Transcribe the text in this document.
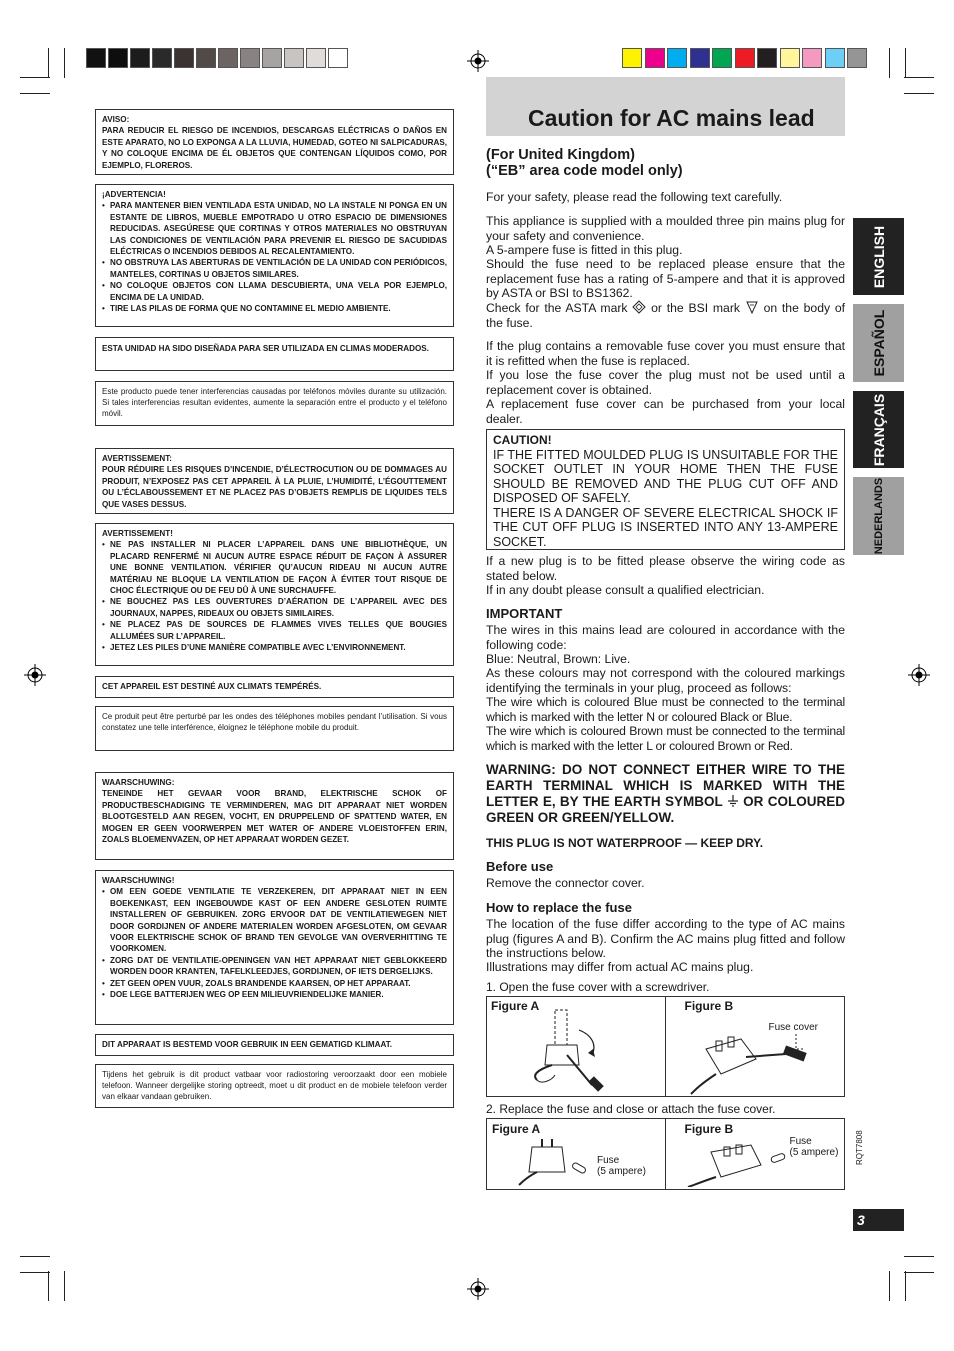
AVISO:
PARA REDUCIR EL RIESGO DE INCENDIOS, DESCARGAS ELÉCTRICAS O DAÑOS EN ESTE APARATO, NO LO EXPONGA A LA LLUVIA, HUMEDAD, GOTEO NI SALPICADURAS, Y NO COLOQUE ENCIMA DE ÉL OBJETOS QUE CONTENGAN LÍQUIDOS COMO, POR EJEMPLO, FLOREROS.
¡ADVERTENCIA!
• PARA MANTENER BIEN VENTILADA ESTA UNIDAD, NO LA INSTALE NI PONGA EN UN ESTANTE DE LIBROS, MUEBLE EMPOTRADO U OTRO ESPACIO DE DIMENSIONES REDUCIDAS. ASEGÚRESE QUE CORTINAS Y OTROS MATERIALES NO OBSTRUYAN LAS CONDICIONES DE VENTILACIÓN PARA PREVENIR EL RIESGO DE SACUDIDAS ELÉCTRICAS O INCENDIOS DEBIDOS AL RECALENTAMIENTO.
• NO OBSTRUYA LAS ABERTURAS DE VENTILACIÓN DE LA UNIDAD CON PERIÓDICOS, MANTELES, CORTINAS U OBJETOS SIMILARES.
• NO COLOQUE OBJETOS CON LLAMA DESCUBIERTA, UNA VELA POR EJEMPLO, ENCIMA DE LA UNIDAD.
• TIRE LAS PILAS DE FORMA QUE NO CONTAMINE EL MEDIO AMBIENTE.
ESTA UNIDAD HA SIDO DISEÑADA PARA SER UTILIZADA EN CLIMAS MODERADOS.
Este producto puede tener interferencias causadas por teléfonos móviles durante su utilización. Si tales interferencias resultan evidentes, aumente la separación entre el producto y el teléfono móvil.
AVERTISSEMENT:
POUR RÉDUIRE LES RISQUES D’INCENDIE, D’ÉLECTROCUTION OU DE DOMMAGES AU PRODUIT, N’EXPOSEZ PAS CET APPAREIL À LA PLUIE, L’HUMIDITÉ, L’ÉGOUTTEMENT OU L’ÉCLABOUSSEMENT ET NE PLACEZ PAS D’OBJETS REMPLIS DE LIQUIDES TELS QUE VASES DESSUS.
AVERTISSEMENT!
• NE PAS INSTALLER NI PLACER L’APPAREIL DANS UNE BIBLIOTHÈQUE, UN PLACARD RENFERMÉ NI AUCUN AUTRE ESPACE RÉDUIT DE FAÇON À ASSURER UNE BONNE VENTILATION. VÉRIFIER QU’AUCUN RIDEAU NI AUCUN AUTRE MATÉRIAU NE BLOQUE LA VENTILATION DE FAÇON À ÉVITER TOUT RISQUE DE CHOC ÉLECTRIQUE OU DE FEU DÛ À UNE SURCHAUFFE.
• NE BOUCHEZ PAS LES OUVERTURES D’AÉRATION DE L’APPAREIL AVEC DES JOURNAUX, NAPPES, RIDEAUX OU OBJETS SIMILAIRES.
• NE PLACEZ PAS DE SOURCES DE FLAMMES VIVES TELLES QUE BOUGIES ALLUMÉES SUR L’APPAREIL.
• JETEZ LES PILES D’UNE MANIÈRE COMPATIBLE AVEC L’ENVIRONNEMENT.
CET APPAREIL EST DESTINÉ AUX CLIMATS TEMPÉRÉS.
Ce produit peut être perturbé par les ondes des téléphones mobiles pendant l’utilisation. Si vous constatez une telle interférence, éloignez le téléphone mobile du produit.
WAARSCHUWING:
TENEINDE HET GEVAAR VOOR BRAND, ELEKTRISCHE SCHOK OF PRODUCTBESCHADIGING TE VERMINDEREN, MAG DIT APPARAAT NIET WORDEN BLOOTGESTELD AAN REGEN, VOCHT, EN DRUPPELEND OF SPATTEND WATER, EN MOGEN ER GEEN VOORWERPEN MET WATER OF ANDERE VLOEISTOFFEN ERIN, ZOALS BLOEMENVAZEN, OP HET APPARAAT WORDEN GEZET.
WAARSCHUWING!
• OM EEN GOEDE VENTILATIE TE VERZEKEREN, DIT APPARAAT NIET IN EEN BOEKENKAST, EEN INGEBOUWDE KAST OF EEN ANDERE GESLOTEN RUIMTE INSTALLEREN OF GEBRUIKEN. ZORG ERVOOR DAT DE VENTILATIEWEGEN NIET DOOR GORDIJNEN OF ANDERE MATERIALEN WORDEN AFGESLOTEN, OM GEVAAR VOOR ELEKTRISCHE SCHOK OF BRAND TEN GEVOLGE VAN OVERVERHITTING TE VOORKOMEN.
• ZORG DAT DE VENTILATIE-OPENINGEN VAN HET APPARAAT NIET GEBLOKKEERD WORDEN DOOR KRANTEN, TAFELKLEEDJES, GORDIJNEN, OF IETS DERGELIJKS.
• ZET GEEN OPEN VUUR, ZOALS BRANDENDE KAARSEN, OP HET APPARAAT.
• DOE LEGE BATTERIJEN WEG OP EEN MILIEUVRIENDELIJKE MANIER.
DIT APPARAAT IS BESTEMD VOOR GEBRUIK IN EEN GEMATIGD KLIMAAT.
Tijdens het gebruik is dit product vatbaar voor radiostoring veroorzaakt door een mobiele telefoon. Wanneer dergelijke storing optreedt, moet u dit product en de mobiele telefoon verder van elkaar vandaan gebruiken.
Caution for AC mains lead
(For United Kingdom)
(“EB” area code model only)
For your safety, please read the following text carefully.
This appliance is supplied with a moulded three pin mains plug for your safety and convenience.
A 5-ampere fuse is fitted in this plug.
Should the fuse need to be replaced please ensure that the replacement fuse has a rating of 5-ampere and that it is approved by ASTA or BSI to BS1362.
Check for the ASTA mark or the BSI mark on the body of the fuse.
If the plug contains a removable fuse cover you must ensure that it is refitted when the fuse is replaced.
If you lose the fuse cover the plug must not be used until a replacement cover is obtained.
A replacement fuse cover can be purchased from your local dealer.
CAUTION!
IF THE FITTED MOULDED PLUG IS UNSUITABLE FOR THE SOCKET OUTLET IN YOUR HOME THEN THE FUSE SHOULD BE REMOVED AND THE PLUG CUT OFF AND DISPOSED OF SAFELY.
THERE IS A DANGER OF SEVERE ELECTRICAL SHOCK IF THE CUT OFF PLUG IS INSERTED INTO ANY 13-AMPERE SOCKET.
If a new plug is to be fitted please observe the wiring code as stated below.
If in any doubt please consult a qualified electrician.
IMPORTANT
The wires in this mains lead are coloured in accordance with the following code:
Blue: Neutral, Brown: Live.
As these colours may not correspond with the coloured markings identifying the terminals in your plug, proceed as follows:
The wire which is coloured Blue must be connected to the terminal which is marked with the letter N or coloured Black or Blue.
The wire which is coloured Brown must be connected to the terminal which is marked with the letter L or coloured Brown or Red.
WARNING: DO NOT CONNECT EITHER WIRE TO THE EARTH TERMINAL WHICH IS MARKED WITH THE LETTER E, BY THE EARTH SYMBOL OR COLOURED GREEN OR GREEN/YELLOW.
THIS PLUG IS NOT WATERPROOF — KEEP DRY.
Before use
Remove the connector cover.
How to replace the fuse
The location of the fuse differ according to the type of AC mains plug (figures A and B). Confirm the AC mains plug fitted and follow the instructions below.
Illustrations may differ from actual AC mains plug.
1. Open the fuse cover with a screwdriver.
Figure A	Figure B
Fuse cover
2. Replace the fuse and close or attach the fuse cover.
Figure A
Fuse
(5 ampere)
Figure B
Fuse
(5 ampere)
ENGLISH
ESPAÑOL
FRANÇAIS
NEDERLANDS
RQT7808
3
